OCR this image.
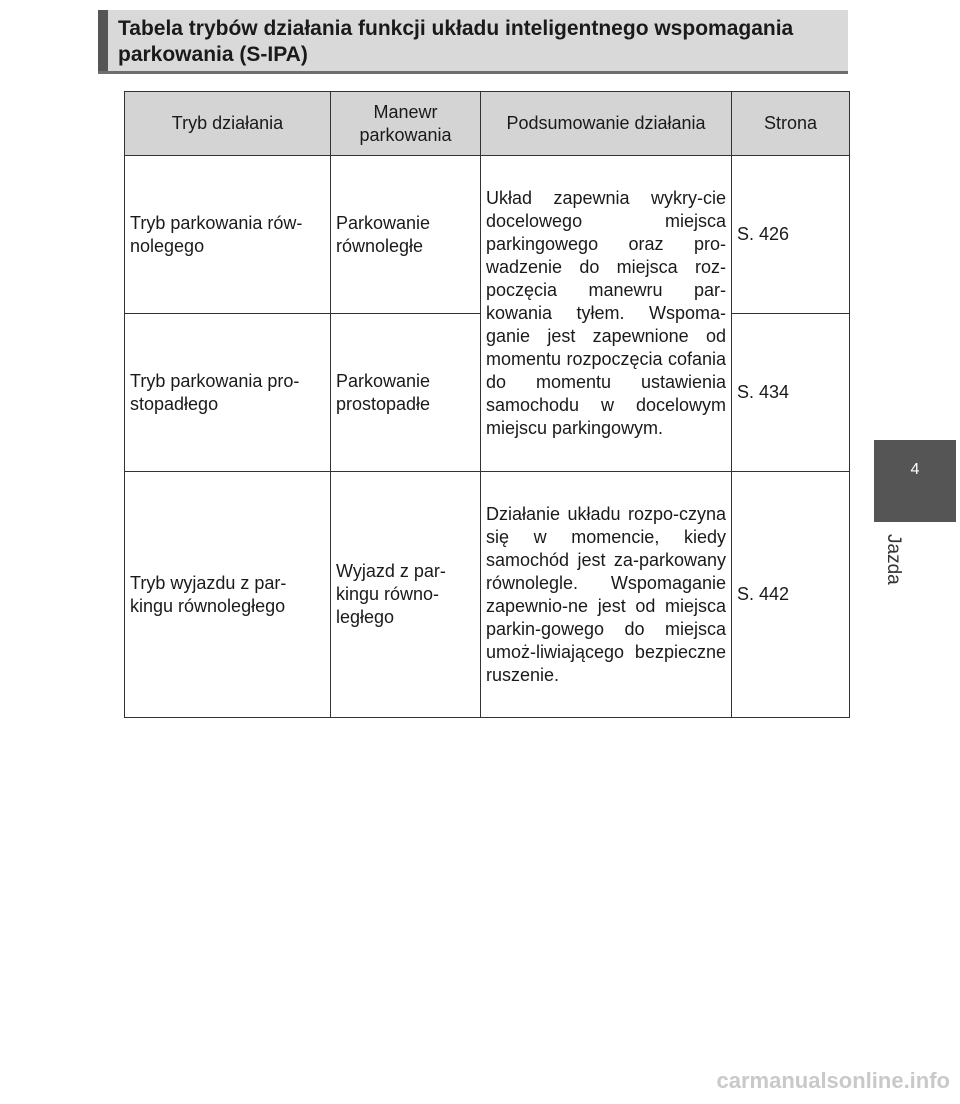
Tabela trybów działania funkcji układu inteligentnego wspomagania parkowania (S-IPA)
Tryb działania	Manewr parkowania	Podsumowanie działania	Strona
Tryb parkowania rów-nolegego	Parkowanie równoległe	Układ zapewnia wykry-cie docelowego miejsca parkingowego oraz pro-wadzenie do miejsca roz-poczęcia manewru par-kowania tyłem. Wspoma-ganie jest zapewnione od momentu rozpoczęcia cofania do momentu ustawienia samochodu w docelowym miejscu parkingowym.	S. 426
Tryb parkowania pro-stopadłego	Parkowanie prostopadłe		S. 434
Tryb wyjazdu z par-kingu równoległego	Wyjazd z par-kingu równo-ległego	Działanie układu rozpo-czyna się w momencie, kiedy samochód jest za-parkowany równolegle. Wspomaganie zapewnio-ne jest od miejsca parkin-gowego do miejsca umoż-liwiającego bezpieczne ruszenie.	S. 442
4
Jazda
carmanualsonline.info
